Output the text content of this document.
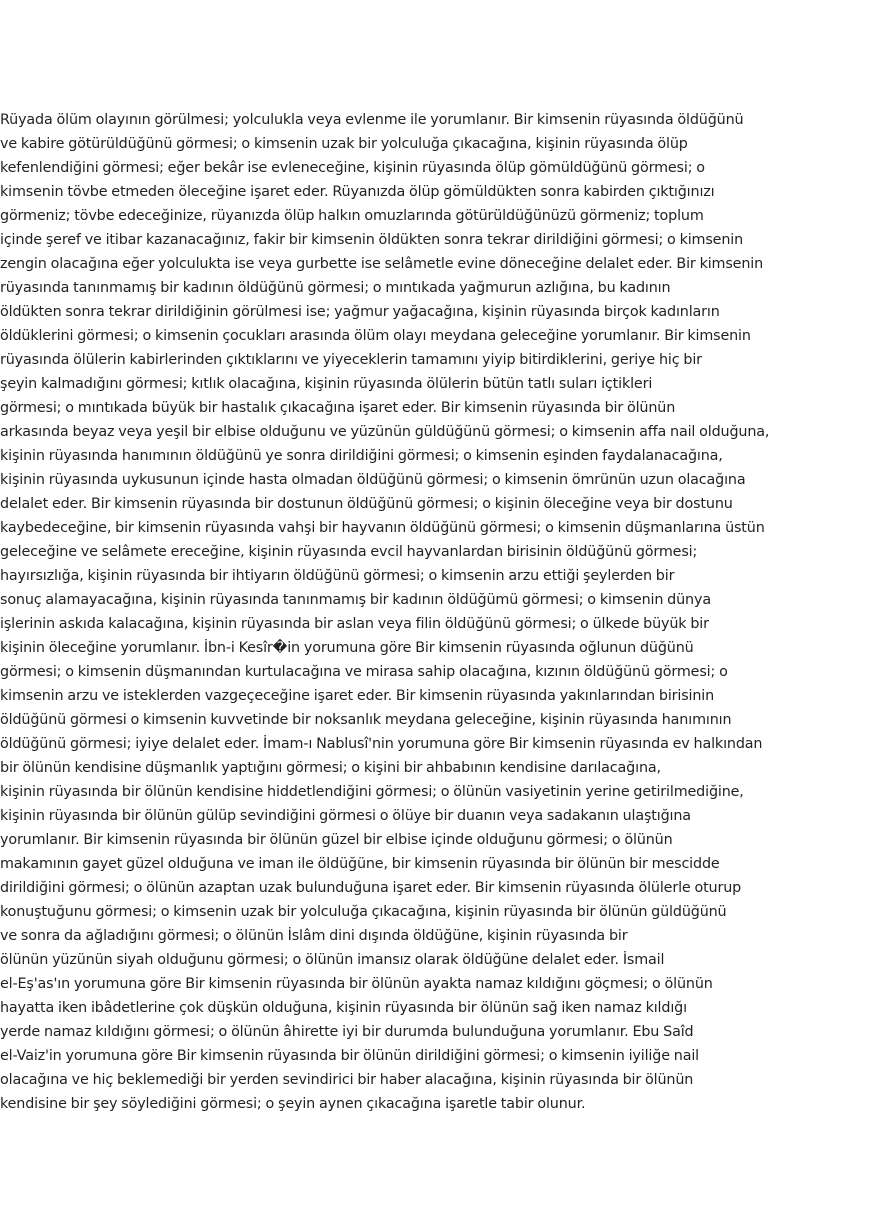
Rüyada ölüm olayının görülmesi; yolculukla veya evlenme ile yorumlanır. Bir kimsenin rüyasında öldüğünü
ve kabire götürüldüğünü görmesi; o kimsenin uzak bir yolculuğa çıkacağına, kişinin rüyasında ölüp
kefenlendiğini görmesi; eğer bekâr ise evleneceğine, kişinin rüyasında ölüp gömüldüğünü görmesi; o
kimsenin tövbe etmeden öleceğine işaret eder. Rüyanızda ölüp gömüldükten sonra kabirden çıktığınızı
görmeniz; tövbe edeceğinize, rüyanızda ölüp halkın omuzlarında götürüldüğünüzü görmeniz; toplum
içinde şeref ve itibar kazanacağınız, fakir bir kimsenin öldükten sonra tekrar dirildiğini görmesi; o kimsenin
zengin olacağına eğer yolculukta ise veya gurbette ise selâmetle evine döneceğine delalet eder. Bir kimsenin
rüyasında tanınmamış bir kadının öldüğünü görmesi; o mıntıkada yağmurun azlığına, bu kadının
öldükten sonra tekrar dirildiğinin görülmesi ise; yağmur yağacağına, kişinin rüyasında birçok kadınların
öldüklerini görmesi; o kimsenin çocukları arasında ölüm olayı meydana geleceğine yorumlanır. Bir kimsenin
rüyasında ölülerin kabirlerinden çıktıklarını ve yiyeceklerin tamamını yiyip bitirdiklerini, geriye hiç bir
şeyin kalmadığını görmesi; kıtlık olacağına, kişinin rüyasında ölülerin bütün tatlı suları içtikleri
görmesi; o mıntıkada büyük bir hastalık çıkacağına işaret eder. Bir kimsenin rüyasında bir ölünün
arkasında beyaz veya yeşil bir elbise olduğunu ve yüzünün güldüğünü görmesi; o kimsenin affa nail olduğuna,
kişinin rüyasında hanımının öldüğünü ye sonra dirildiğini görmesi; o kimsenin eşinden faydalanacağına,
kişinin rüyasında uykusunun içinde hasta olmadan öldüğünü görmesi; o kimsenin ömrünün uzun olacağına
delalet eder. Bir kimsenin rüyasında bir dostunun öldüğünü görmesi; o kişinin öleceğine veya bir dostunu
kaybedeceğine, bir kimsenin rüyasında vahşi bir hayvanın öldüğünü görmesi; o kimsenin düşmanlarına üstün
geleceğine ve selâmete ereceğine, kişinin rüyasında evcil hayvanlardan birisinin öldüğünü görmesi;
hayırsızlığa, kişinin rüyasında bir ihtiyarın öldüğünü görmesi; o kimsenin arzu ettiği şeylerden bir
sonuç alamayacağına, kişinin rüyasında tanınmamış bir kadının öldüğümü görmesi; o kimsenin dünya
işlerinin askıda kalacağına, kişinin rüyasında bir aslan veya filin öldüğünü görmesi; o ülkede büyük bir
kişinin öleceğine yorumlanır. İbn-i Kesîr�in yorumuna göre Bir kimsenin rüyasında oğlunun düğünü
görmesi; o kimsenin düşmanından kurtulacağına ve mirasa sahip olacağına, kızının öldüğünü görmesi; o
kimsenin arzu ve isteklerden vazgeçeceğine işaret eder. Bir kimsenin rüyasında yakınlarından birisinin
öldüğünü görmesi o kimsenin kuvvetinde bir noksanlık meydana geleceğine, kişinin rüyasında hanımının
öldüğünü görmesi; iyiye delalet eder. İmam-ı Nablusî'nin yorumuna göre Bir kimsenin rüyasında ev halkından
bir ölünün kendisine düşmanlık yaptığını görmesi; o kişini bir ahbabının kendisine darılacağına,
kişinin rüyasında bir ölünün kendisine hiddetlendiğini görmesi; o ölünün vasiyetinin yerine getirilmediğine,
kişinin rüyasında bir ölünün gülüp sevindiğini görmesi o ölüye bir duanın veya sadakanın ulaştığına
yorumlanır. Bir kimsenin rüyasında bir ölünün güzel bir elbise içinde olduğunu görmesi; o ölünün
makamının gayet güzel olduğuna ve iman ile öldüğüne, bir kimsenin rüyasında bir ölünün bir mescidde
dirildiğini görmesi; o ölünün azaptan uzak bulunduğuna işaret eder. Bir kimsenin rüyasında ölülerle oturup
konuştuğunu görmesi; o kimsenin uzak bir yolculuğa çıkacağına, kişinin rüyasında bir ölünün güldüğünü
ve sonra da ağladığını görmesi; o ölünün İslâm dini dışında öldüğüne, kişinin rüyasında bir
ölünün yüzünün siyah olduğunu görmesi; o ölünün imansız olarak öldüğüne delalet eder. İsmail
el-Eş'as'ın yorumuna göre Bir kimsenin rüyasında bir ölünün ayakta namaz kıldığını göçmesi; o ölünün
hayatta iken ibâdetlerine çok düşkün olduğuna, kişinin rüyasında bir ölünün sağ iken namaz kıldığı
yerde namaz kıldığını görmesi; o ölünün âhirette iyi bir durumda bulunduğuna yorumlanır. Ebu Saîd
el-Vaiz'in yorumuna göre Bir kimsenin rüyasında bir ölünün dirildiğini görmesi; o kimsenin iyiliğe nail
olacağına ve hiç beklemediği bir yerden sevindirici bir haber alacağına, kişinin rüyasında bir ölünün
kendisine bir şey söylediğini görmesi; o şeyin aynen çıkacağına işaretle tabir olunur.
